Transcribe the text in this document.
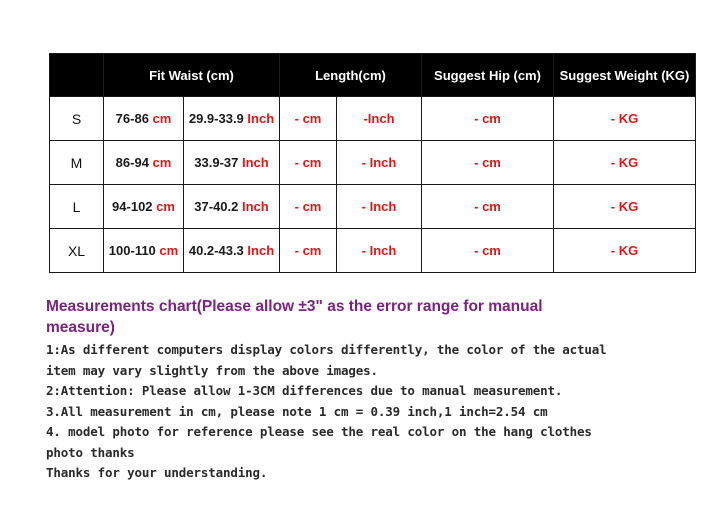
	Fit Waist (cm)		Length(cm)		Suggest Hip (cm)	Suggest Weight (KG)
S	76-86 cm	29.9-33.9 Inch	- cm	-Inch	- cm	- KG
M	86-94 cm	33.9-37 Inch	- cm	- Inch	- cm	- KG
L	94-102 cm	37-40.2 Inch	- cm	- Inch	- cm	- KG
XL	100-110 cm	40.2-43.3 Inch	- cm	- Inch	- cm	- KG

Measurements chart(Please allow ±3" as the error range for manual
measure)

1:As different computers display colors differently, the color of the actual

item may vary slightly from the above images.

2:Attention: Please allow 1-3CM differences due to manual measurement.

3.All measurement in cm, please note 1 cm = 0.39 inch,1 inch=2.54 cm

4. model photo for reference please see the real color on the hang clothes

photo thanks

Thanks for your understanding.
